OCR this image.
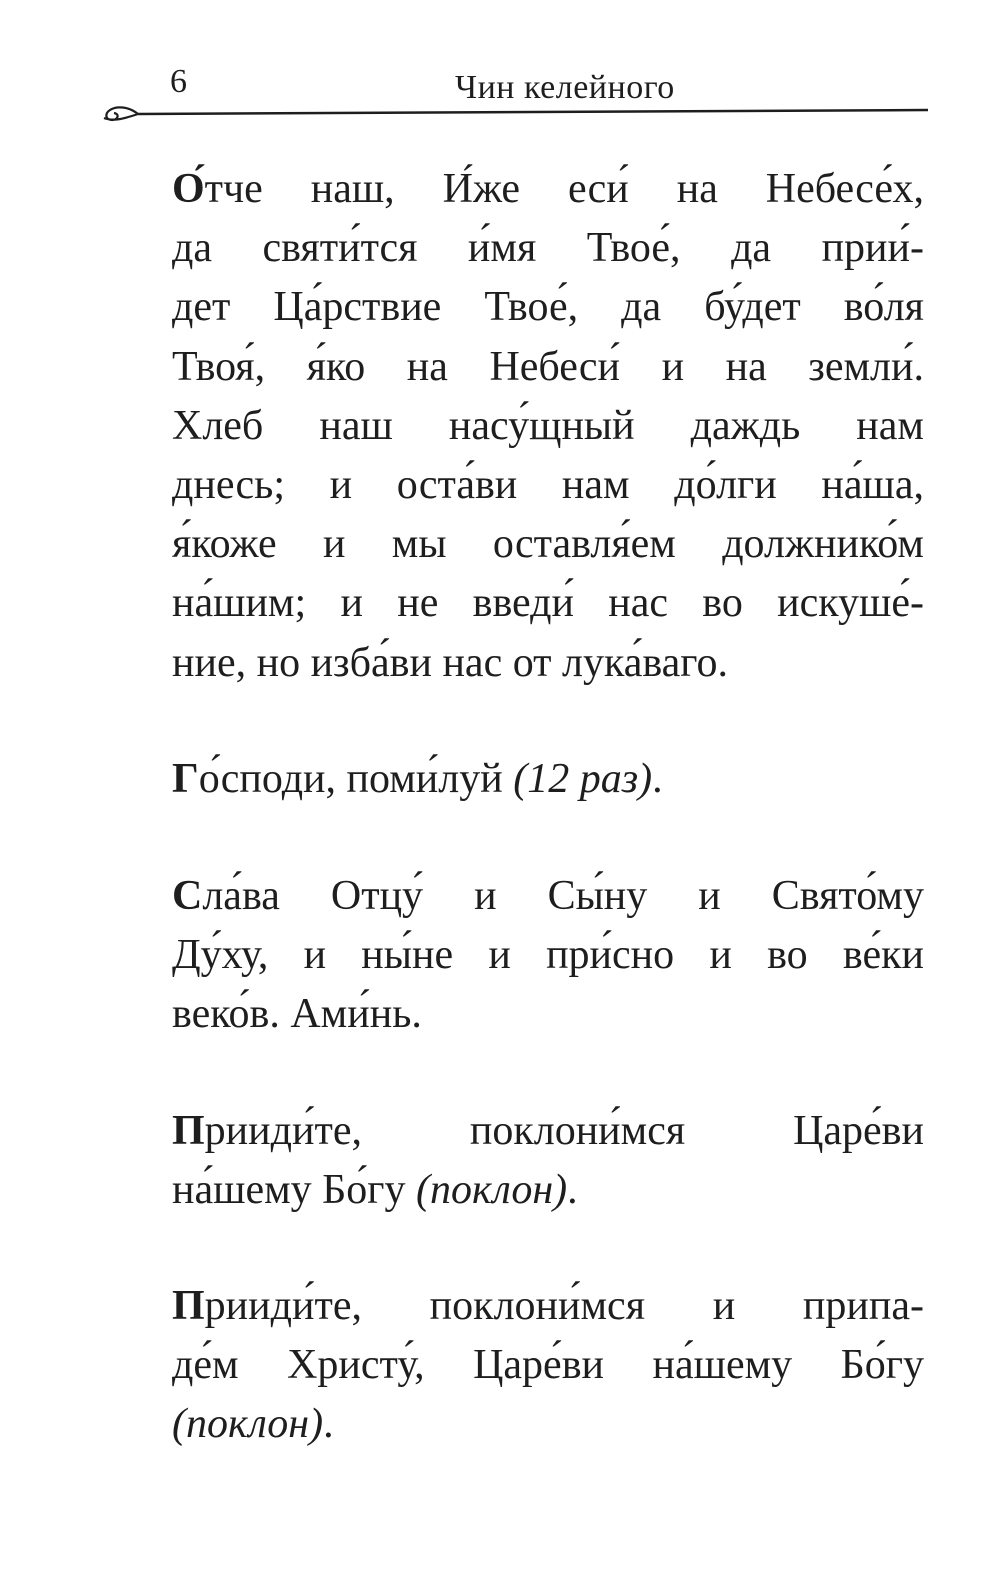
6	Чин келейного
О́тче наш, И́же еси́ на Небесе́х,
да святи́тся и́мя Твое́, да прии́-
дет Ца́рствие Твое́, да бу́дет во́ля
Твоя́, я́ко на Небеси́ и на земли́.
Хлеб наш насу́щный даждь нам
днесь; и оста́ви нам до́лги на́ша,
я́коже и мы оставля́ем должнико́м
на́шим; и не введи́ нас во искуше́-
ние, но изба́ви нас от лука́ваго.
Го́споди, поми́луй (12 раз).
Сла́ва Отцу́ и Сы́ну и Свято́му
Ду́ху, и ны́не и при́сно и во ве́ки
веко́в. Ами́нь.
Прииди́те, поклони́мся Царе́ви
на́шему Бо́гу (поклон).
Прииди́те, поклони́мся и припа-
де́м Христу́, Царе́ви на́шему Бо́гу
(поклон).
